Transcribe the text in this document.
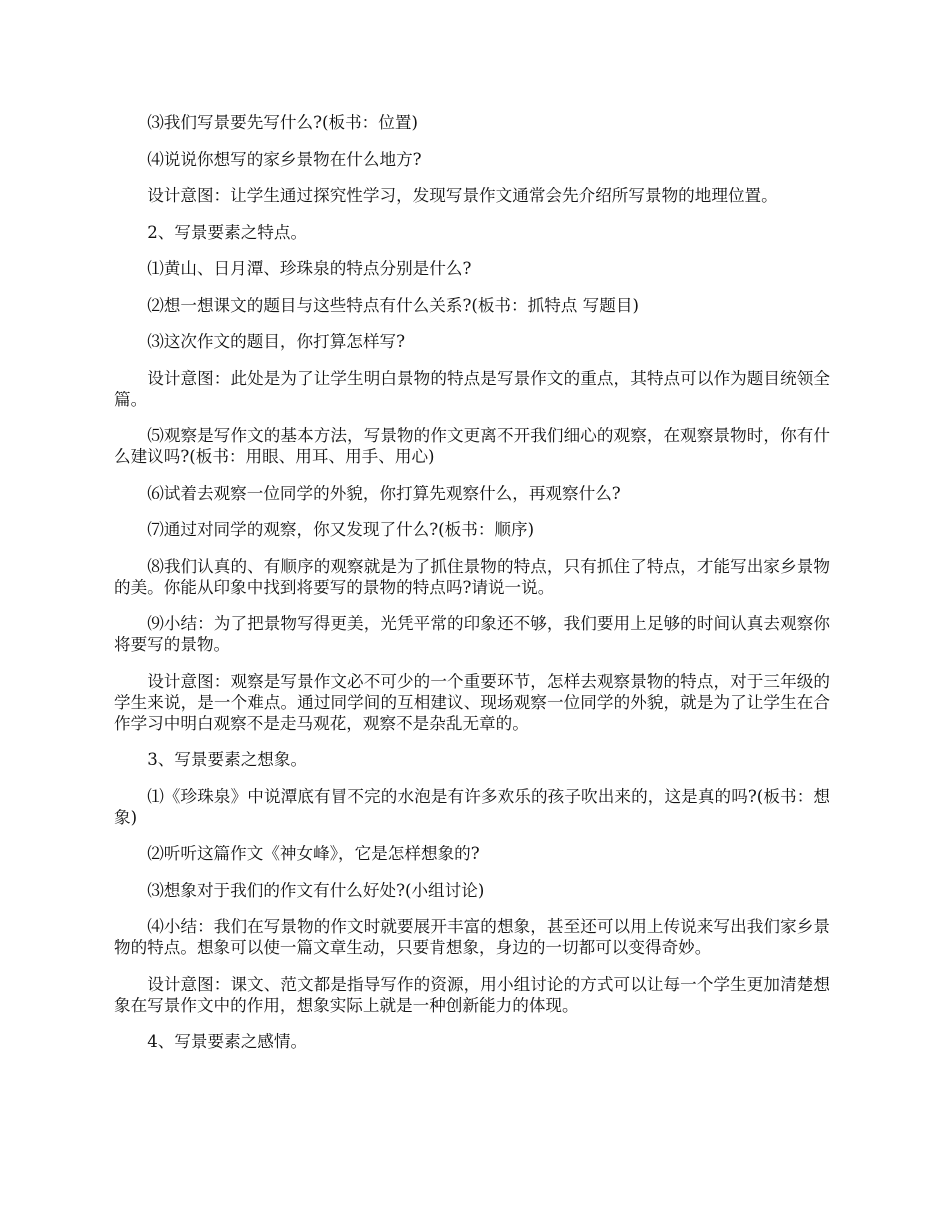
⑶我们写景要先写什么?(板书：位置)

⑷说说你想写的家乡景物在什么地方?

设计意图：让学生通过探究性学习，发现写景作文通常会先介绍所写景物的地理位置。

2、写景要素之特点。

⑴黄山、日月潭、珍珠泉的特点分别是什么?

⑵想一想课文的题目与这些特点有什么关系?(板书：抓特点 写题目)

⑶这次作文的题目，你打算怎样写?

设计意图：此处是为了让学生明白景物的特点是写景作文的重点，其特点可以作为题目统领全篇。

⑸观察是写作文的基本方法，写景物的作文更离不开我们细心的观察，在观察景物时，你有什么建议吗?(板书：用眼、用耳、用手、用心)

⑹试着去观察一位同学的外貌，你打算先观察什么，再观察什么?

⑺通过对同学的观察，你又发现了什么?(板书：顺序)

⑻我们认真的、有顺序的观察就是为了抓住景物的特点，只有抓住了特点，才能写出家乡景物的美。你能从印象中找到将要写的景物的特点吗?请说一说。

⑼小结：为了把景物写得更美，光凭平常的印象还不够，我们要用上足够的时间认真去观察你将要写的景物。

设计意图：观察是写景作文必不可少的一个重要环节，怎样去观察景物的特点，对于三年级的学生来说，是一个难点。通过同学间的互相建议、现场观察一位同学的外貌，就是为了让学生在合作学习中明白观察不是走马观花，观察不是杂乱无章的。

3、写景要素之想象。

⑴《珍珠泉》中说潭底有冒不完的水泡是有许多欢乐的孩子吹出来的，这是真的吗?(板书：想象)

⑵听听这篇作文《神女峰》，它是怎样想象的?

⑶想象对于我们的作文有什么好处?(小组讨论)

⑷小结：我们在写景物的作文时就要展开丰富的想象，甚至还可以用上传说来写出我们家乡景物的特点。想象可以使一篇文章生动，只要肯想象，身边的一切都可以变得奇妙。

设计意图：课文、范文都是指导写作的资源，用小组讨论的方式可以让每一个学生更加清楚想象在写景作文中的作用，想象实际上就是一种创新能力的体现。

4、写景要素之感情。
